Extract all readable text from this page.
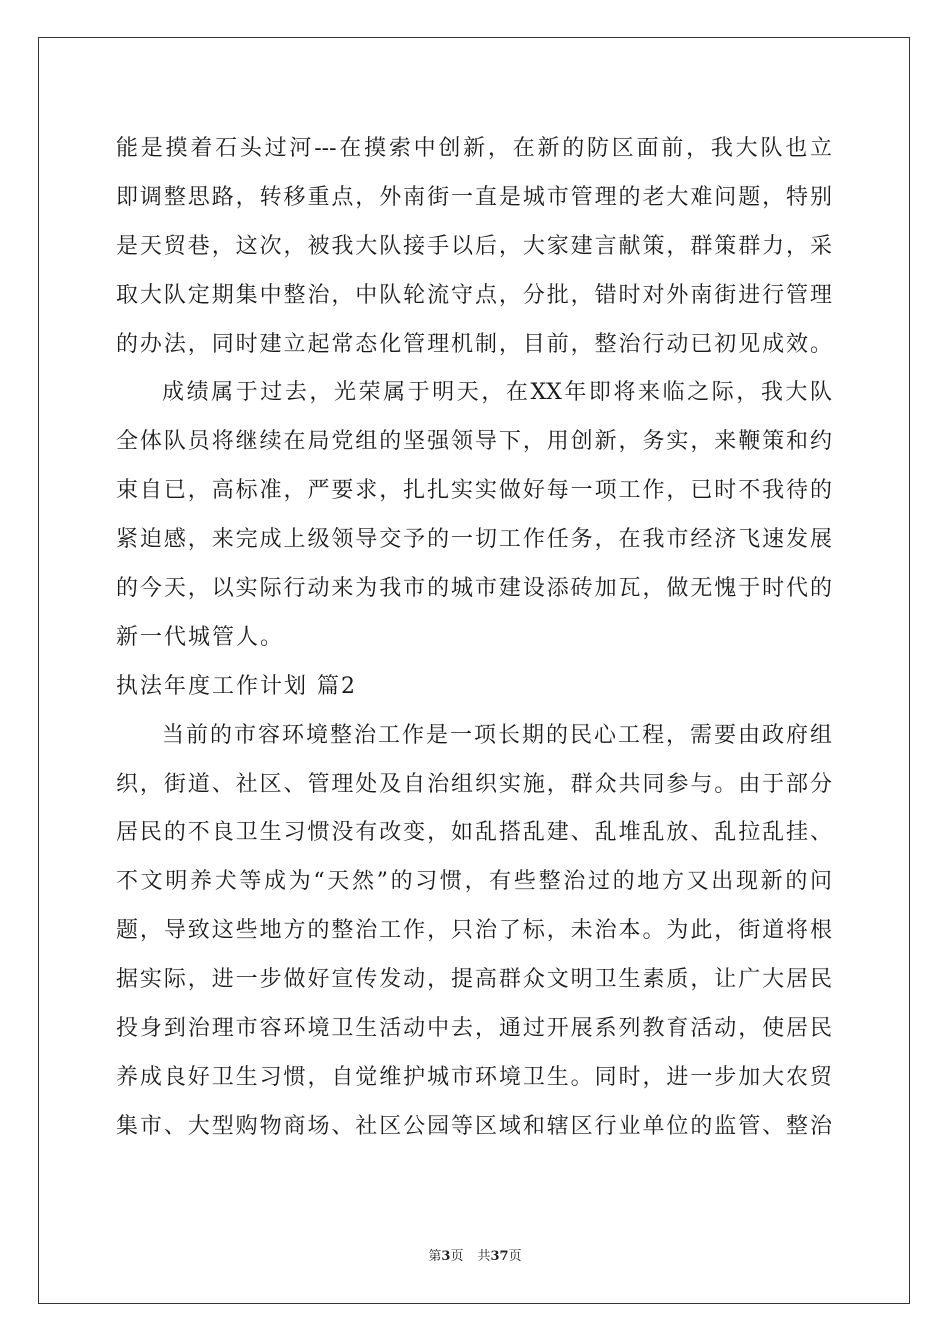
能是摸着石头过河---在摸索中创新，在新的防区面前，我大队也立
即调整思路，转移重点，外南街一直是城市管理的老大难问题，特别
是天贸巷，这次，被我大队接手以后，大家建言献策，群策群力，采
取大队定期集中整治，中队轮流守点，分批，错时对外南街进行管理
的办法，同时建立起常态化管理机制，目前，整治行动已初见成效。
成绩属于过去，光荣属于明天，在XX年即将来临之际，我大队
全体队员将继续在局党组的坚强领导下，用创新，务实，来鞭策和约
束自已，高标准，严要求，扎扎实实做好每一项工作，已时不我待的
紧迫感，来完成上级领导交予的一切工作任务，在我市经济飞速发展
的今天，以实际行动来为我市的城市建设添砖加瓦，做无愧于时代的
新一代城管人。
执法年度工作计划 篇2
当前的市容环境整治工作是一项长期的民心工程，需要由政府组
织，街道、社区、管理处及自治组织实施，群众共同参与。由于部分
居民的不良卫生习惯没有改变，如乱搭乱建、乱堆乱放、乱拉乱挂、
不文明养犬等成为“天然”的习惯，有些整治过的地方又出现新的问
题，导致这些地方的整治工作，只治了标，未治本。为此，街道将根
据实际，进一步做好宣传发动，提高群众文明卫生素质，让广大居民
投身到治理市容环境卫生活动中去，通过开展系列教育活动，使居民
养成良好卫生习惯，自觉维护城市环境卫生。同时，进一步加大农贸
集市、大型购物商场、社区公园等区域和辖区行业单位的监管、整治
第3页 共37页
